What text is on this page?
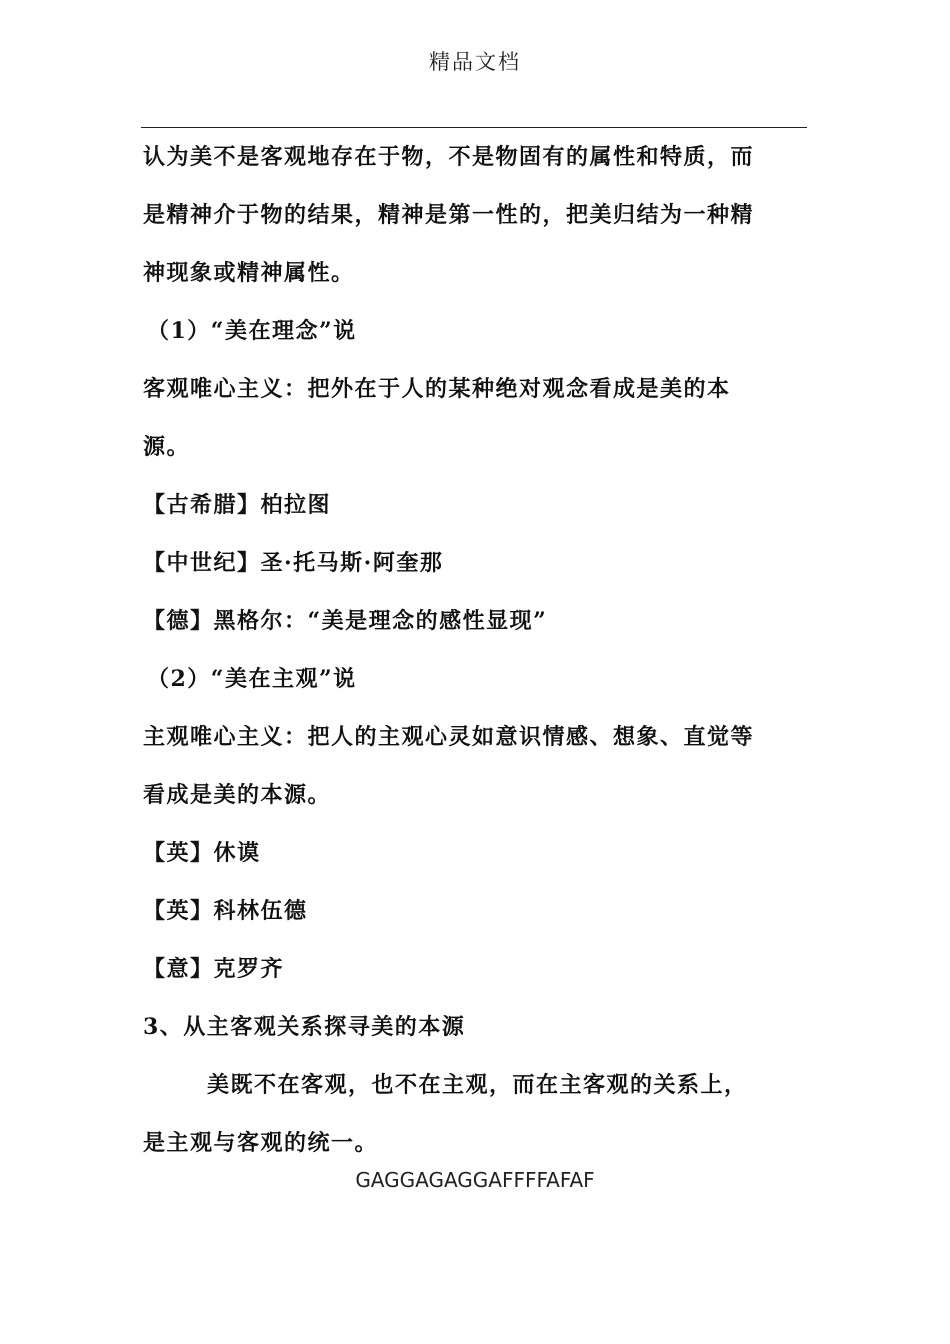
精品文档
认为美不是客观地存在于物，不是物固有的属性和特质，而
是精神介于物的结果，精神是第一性的，把美归结为一种精
神现象或精神属性。
（1）“美在理念”说
客观唯心主义：把外在于人的某种绝对观念看成是美的本
源。
【古希腊】柏拉图
【中世纪】圣·托马斯·阿奎那
【德】黑格尔：“美是理念的感性显现”
（2）“美在主观”说
主观唯心主义：把人的主观心灵如意识情感、想象、直觉等
看成是美的本源。
【英】休谟
【英】科林伍德
【意】克罗齐
3、从主客观关系探寻美的本源
美既不在客观，也不在主观，而在主客观的关系上，
是主观与客观的统一。
GAGGAGAGGAFFFFAFAF
